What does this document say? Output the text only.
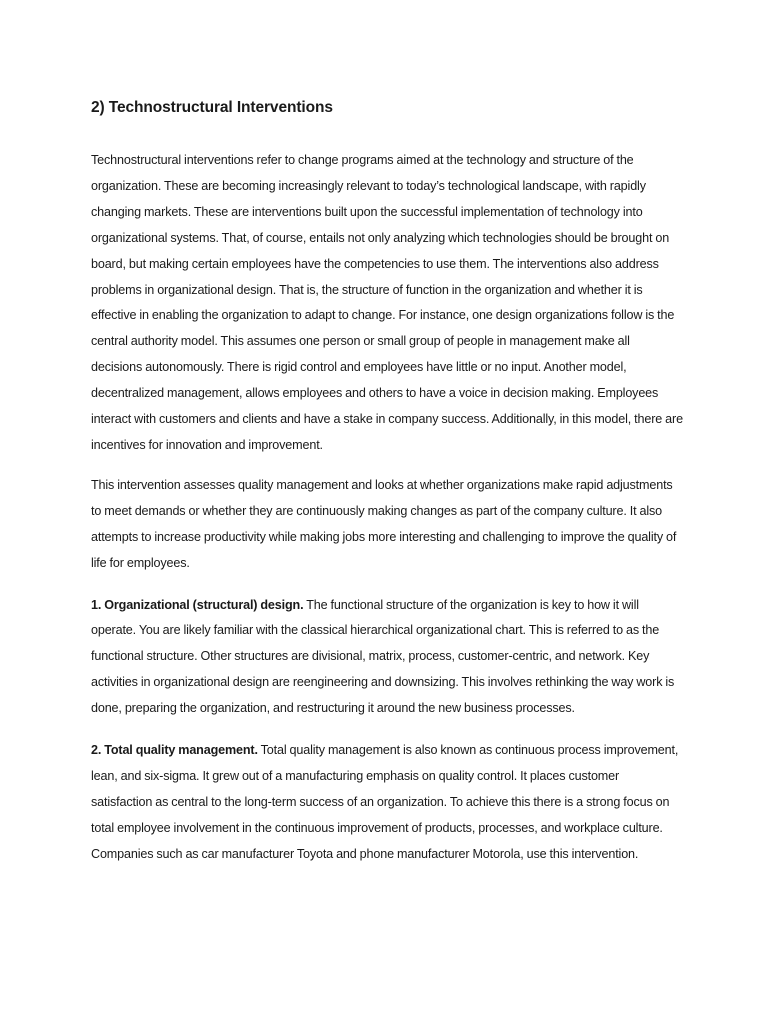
2) Technostructural Interventions

Technostructural interventions refer to change programs aimed at the technology and structure of the organization. These are becoming increasingly relevant to today’s technological landscape, with rapidly changing markets. These are interventions built upon the successful implementation of technology into organizational systems. That, of course, entails not only analyzing which technologies should be brought on board, but making certain employees have the competencies to use them. The interventions also address problems in organizational design. That is, the structure of function in the organization and whether it is effective in enabling the organization to adapt to change. For instance, one design organizations follow is the central authority model. This assumes one person or small group of people in management make all decisions autonomously. There is rigid control and employees have little or no input. Another model, decentralized management, allows employees and others to have a voice in decision making. Employees interact with customers and clients and have a stake in company success. Additionally, in this model, there are incentives for innovation and improvement.

This intervention assesses quality management and looks at whether organizations make rapid adjustments to meet demands or whether they are continuously making changes as part of the company culture. It also attempts to increase productivity while making jobs more interesting and challenging to improve the quality of life for employees.

1. Organizational (structural) design. The functional structure of the organization is key to how it will operate. You are likely familiar with the classical hierarchical organizational chart. This is referred to as the functional structure. Other structures are divisional, matrix, process, customer-centric, and network. Key activities in organizational design are reengineering and downsizing. This involves rethinking the way work is done, preparing the organization, and restructuring it around the new business processes.

2. Total quality management. Total quality management is also known as continuous process improvement, lean, and six-sigma. It grew out of a manufacturing emphasis on quality control. It places customer satisfaction as central to the long-term success of an organization. To achieve this there is a strong focus on total employee involvement in the continuous improvement of products, processes, and workplace culture. Companies such as car manufacturer Toyota and phone manufacturer Motorola, use this intervention.
